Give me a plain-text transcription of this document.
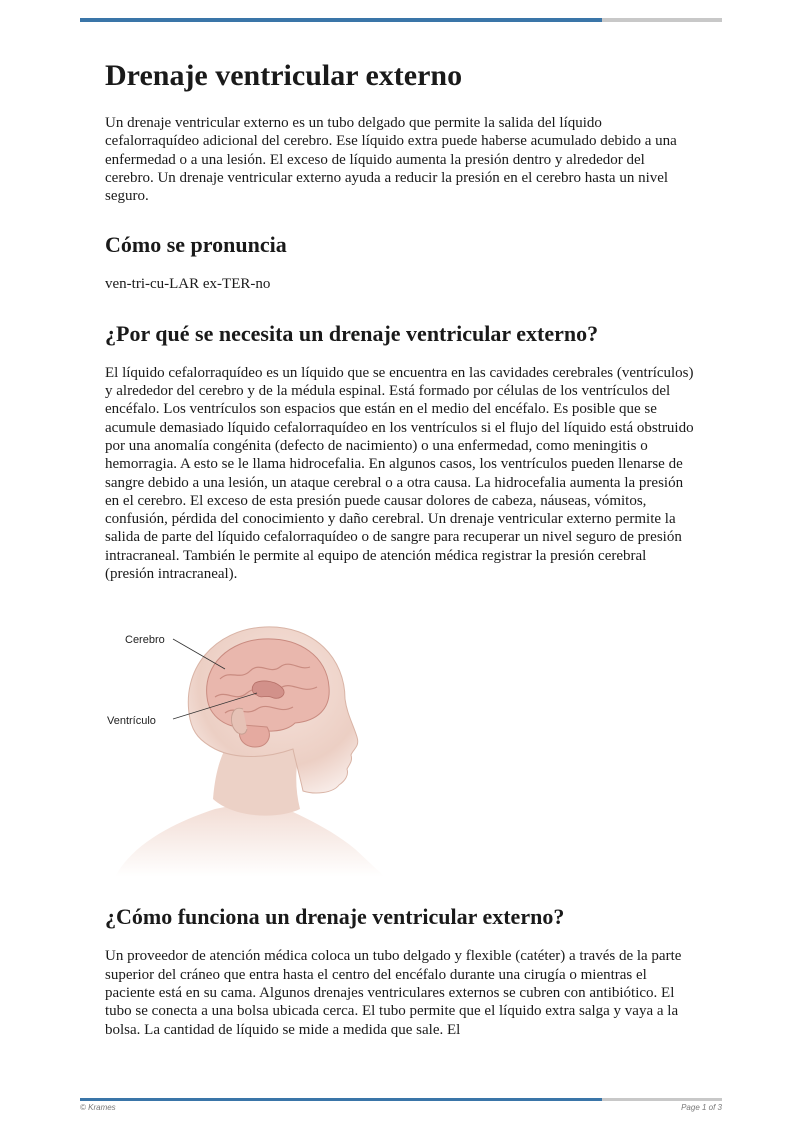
Drenaje ventricular externo

Un drenaje ventricular externo es un tubo delgado que permite la salida del líquido cefalorraquídeo adicional del cerebro. Ese líquido extra puede haberse acumulado debido a una enfermedad o a una lesión. El exceso de líquido aumenta la presión dentro y alrededor del cerebro. Un drenaje ventricular externo ayuda a reducir la presión en el cerebro hasta un nivel seguro.

Cómo se pronuncia

ven-tri-cu-LAR ex-TER-no

¿Por qué se necesita un drenaje ventricular externo?

El líquido cefalorraquídeo es un líquido que se encuentra en las cavidades cerebrales (ventrículos) y alrededor del cerebro y de la médula espinal. Está formado por células de los ventrículos del encéfalo. Los ventrículos son espacios que están en el medio del encéfalo. Es posible que se acumule demasiado líquido cefalorraquídeo en los ventrículos si el flujo del líquido está obstruido por una anomalía congénita (defecto de nacimiento) o una enfermedad, como meningitis o hemorragia. A esto se le llama hidrocefalia. En algunos casos, los ventrículos pueden llenarse de sangre debido a una lesión, un ataque cerebral o a otra causa. La hidrocefalia aumenta la presión en el cerebro. El exceso de esta presión puede causar dolores de cabeza, náuseas, vómitos, confusión, pérdida del conocimiento y daño cerebral. Un drenaje ventricular externo permite la salida de parte del líquido cefalorraquídeo o de sangre para recuperar un nivel seguro de presión intracraneal. También le permite al equipo de atención médica registrar la presión cerebral (presión intracraneal).

Cerebro
Ventrículo
¿Cómo funciona un drenaje ventricular externo?

Un proveedor de atención médica coloca un tubo delgado y flexible (catéter) a través de la parte superior del cráneo que entra hasta el centro del encéfalo durante una cirugía o mientras el paciente está en su cama. Algunos drenajes ventriculares externos se cubren con antibiótico. El tubo se conecta a una bolsa ubicada cerca. El tubo permite que el líquido extra salga y vaya a la bolsa. La cantidad de líquido se mide a medida que sale. El

© Krames	Page 1 of 3
